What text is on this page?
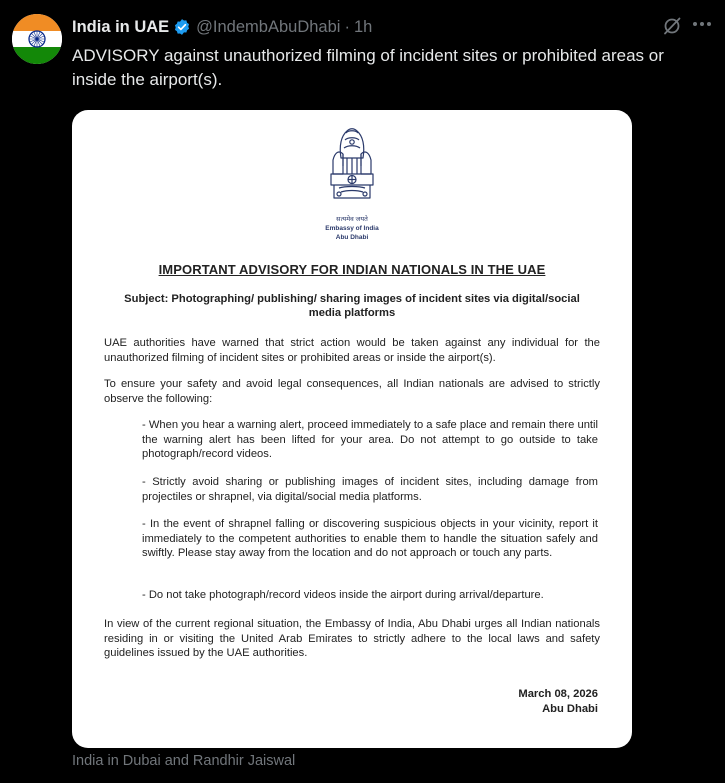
India in UAE @IndembAbuDhabi · 1h
ADVISORY against unauthorized filming of incident sites or prohibited areas or inside the airport(s).
सत्यमेव जयते
Embassy of India
Abu Dhabi
IMPORTANT ADVISORY FOR INDIAN NATIONALS IN THE UAE
Subject: Photographing/ publishing/ sharing images of incident sites via digital/social media platforms
UAE authorities have warned that strict action would be taken against any individual for the unauthorized filming of incident sites or prohibited areas or inside the airport(s).
To ensure your safety and avoid legal consequences, all Indian nationals are advised to strictly observe the following:
- When you hear a warning alert, proceed immediately to a safe place and remain there until the warning alert has been lifted for your area. Do not attempt to go outside to take photograph/record videos.
- Strictly avoid sharing or publishing images of incident sites, including damage from projectiles or shrapnel, via digital/social media platforms.
- In the event of shrapnel falling or discovering suspicious objects in your vicinity, report it immediately to the competent authorities to enable them to handle the situation safely and swiftly. Please stay away from the location and do not approach or touch any parts.
- Do not take photograph/record videos inside the airport during arrival/departure.
In view of the current regional situation, the Embassy of India, Abu Dhabi urges all Indian nationals residing in or visiting the United Arab Emirates to strictly adhere to the local laws and safety guidelines issued by the UAE authorities.
March 08, 2026
Abu Dhabi
India in Dubai and Randhir Jaiswal
